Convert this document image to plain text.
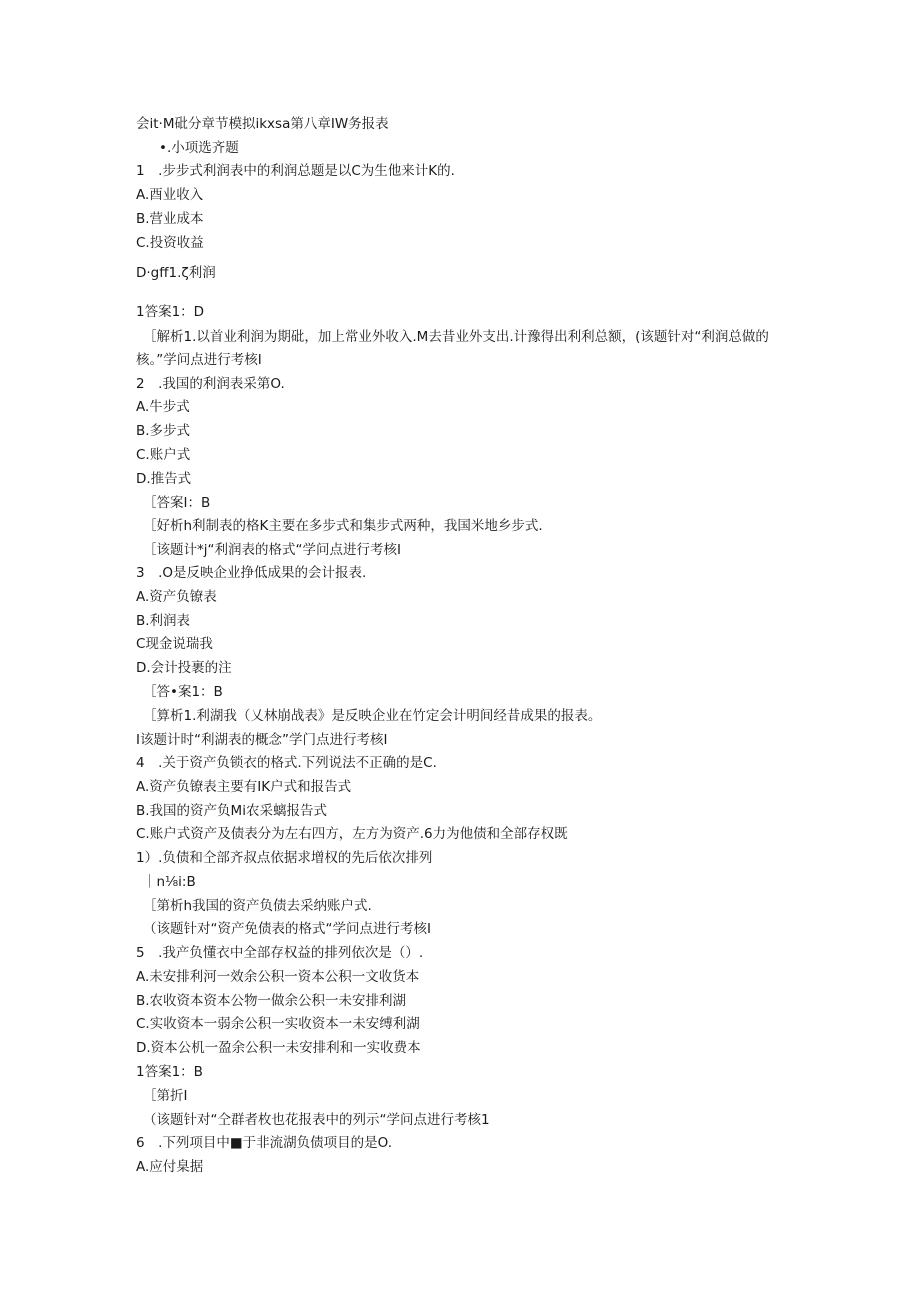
会it·M砒分章节模拟ikxsa第八章IW务报表
•.小项选齐题
1　.步步式利润表中的利润总题是以C为生他来计K的.
A.酉业收入
B.营业成本
C.投资收益
D·gff1.ζ利润
1答案1：D
［解析1.以首业利润为期砒，加上常业外收入.M去昔业外支出.计豫得出利利总额，(该题针对“利润总做的
核。”学问点进行考核I
2　.我国的利润表采第O.
A.牛步式
B.多步式
C.账户式
D.推告式
［答案I：B
［好析h利制表的格K主要在多步式和集步式两种，我国米地乡步式.
［该题计*j“利润表的格式“学问点进行考核I
3　.O是反映企业挣低成果的会计报表.
A.资产负镣表
B.利润表
C现金说瑞我
D.会计投裹的注
［答•案1：B
［算析1.利湖我（乂林崩战表》是反映企业在竹定会计明间经昔成果的报表。
I该题计时“利湖表的概念”学门点进行考核I
4　.关于资产负锁衣的格式.下列说法不正确的是C.
A.资产负镣表主要有IK户式和报告式
B.我国的资产负Mi农采螭报告式
C.账户式资产及债表分为左右四方，左方为资产.6力为他债和全部存权既
1）.负债和仝部齐叔点依据求增权的先后依次排列
｜n⅛i:B
［第析h我国的资产负债去采纳账户式.
（该题针对“资产免债表的格式“学问点进行考核I
5　.我产负懂衣中全部存权益的排列依次是（）.
A.未安排利河一效余公积一资本公积一文收货本
B.农收资本资本公物一做余公积一未安排利湖
C.实收资本一弱余公积一实收资本一未安缚利湖
D.资本公机一盈余公积一未安排利和一实收费本
1答案1：B
［第折I
（该题针对“仝群者枚也花报表中的列示“学问点进行考核1
6　.下列项目中■于非流湖负债项目的是O.
A.应付臬据
